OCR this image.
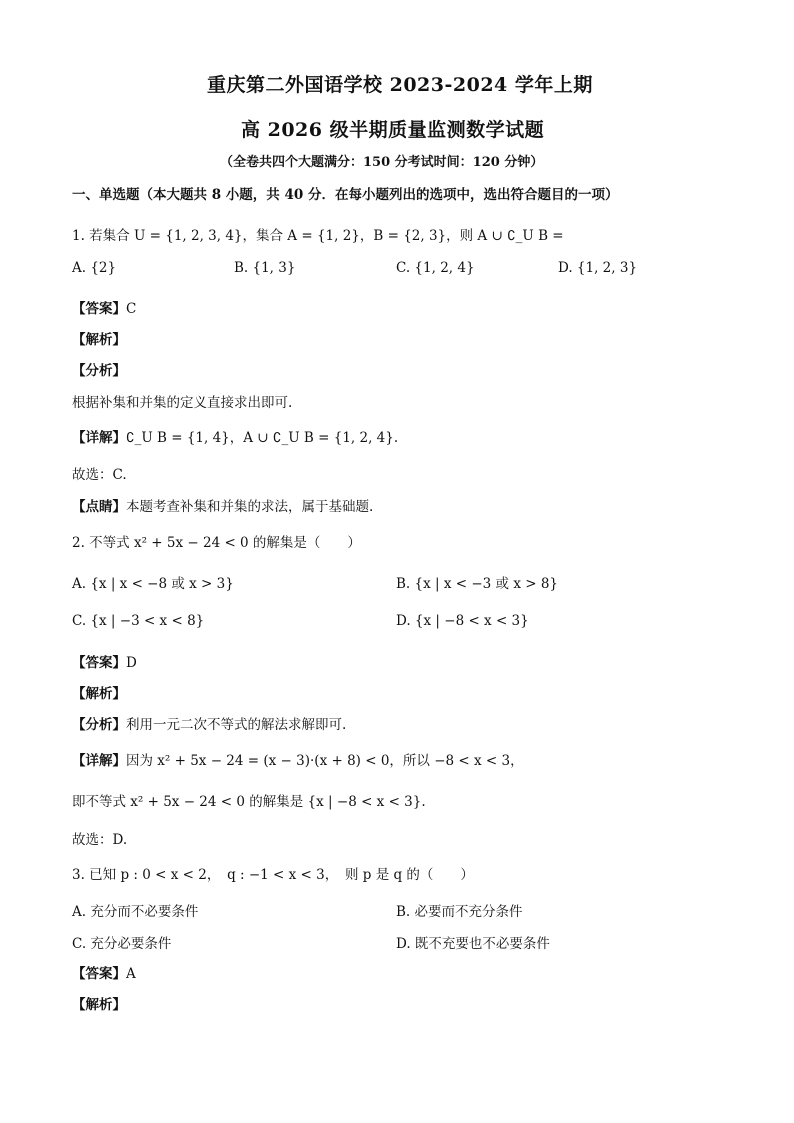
重庆第二外国语学校 2023-2024 学年上期
高 2026 级半期质量监测数学试题
（全卷共四个大题满分：150 分考试时间：120 分钟）
一、单选题（本大题共 8 小题，共 40 分．在每小题列出的选项中，选出符合题目的一项）
1. 若集合 U = {1, 2, 3, 4}，集合 A = {1, 2}，B = {2, 3}，则 A ∪ ∁_U B =
A. {2}	B. {1, 3}	C. {1, 2, 4}	D. {1, 2, 3}
【答案】C
【解析】
【分析】
根据补集和并集的定义直接求出即可.
【详解】∁_U B = {1, 4}，A ∪ ∁_U B = {1, 2, 4}.
故选：C.
【点睛】本题考查补集和并集的求法，属于基础题.
2. 不等式 x² + 5x − 24 < 0 的解集是（　　）
A. {x | x < −8 或 x > 3}	B. {x | x < −3 或 x > 8}
C. {x | −3 < x < 8}	D. {x | −8 < x < 3}
【答案】D
【解析】
【分析】利用一元二次不等式的解法求解即可.
【详解】因为 x² + 5x − 24 = (x − 3)·(x + 8) < 0，所以 −8 < x < 3，
即不等式 x² + 5x − 24 < 0 的解集是 {x | −8 < x < 3}.
故选：D.
3. 已知 p : 0 < x < 2，　q : −1 < x < 3，　则 p 是 q 的（　　）
A. 充分而不必要条件	B. 必要而不充分条件
C. 充分必要条件	D. 既不充要也不必要条件
【答案】A
【解析】
